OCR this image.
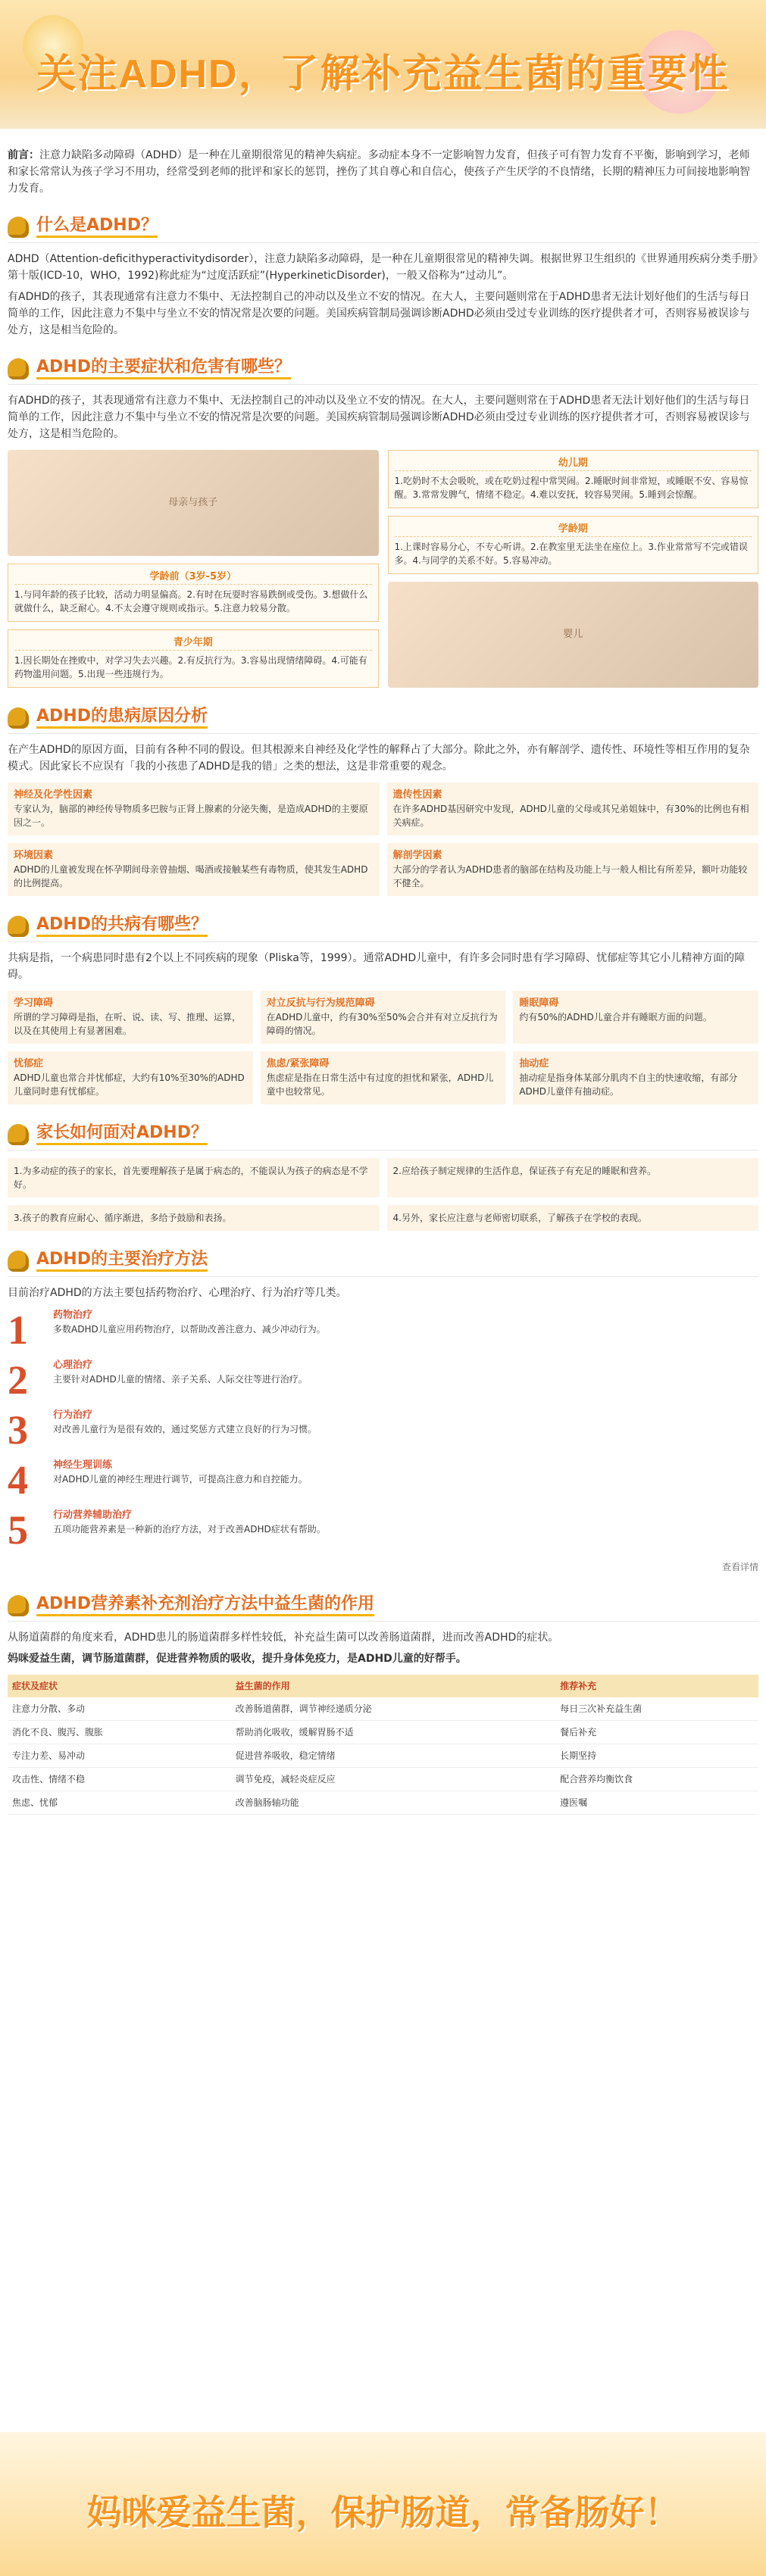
关注ADHD，了解补充益生菌的重要性

前言：注意力缺陷多动障碍（ADHD）是一种在儿童期很常见的精神失病症。多动症本身不一定影响智力发育，但孩子可有智力发育不平衡，影响到学习，老师和家长常常认为孩子学习不用功，经常受到老师的批评和家长的惩罚，挫伤了其自尊心和自信心，使孩子产生厌学的不良情绪，长期的精神压力可间接地影响智力发育。

什么是ADHD？

ADHD（Attention-deficithyperactivitydisorder），注意力缺陷多动障碍，是一种在儿童期很常见的精神失调。根据世界卫生组织的《世界通用疾病分类手册》第十版(ICD-10，WHO，1992)称此症为“过度活跃症”(HyperkineticDisorder)，一般又俗称为“过动儿”。

有ADHD的孩子，其表现通常有注意力不集中、无法控制自己的冲动以及坐立不安的情况。在大人，主要问题则常在于ADHD患者无法计划好他们的生活与每日简单的工作，因此注意力不集中与坐立不安的情况常是次要的问题。美国疾病管制局强调诊断ADHD必须由受过专业训练的医疗提供者才可，否则容易被误诊与处方，这是相当危险的。

ADHD的主要症状和危害有哪些？

有ADHD的孩子，其表现通常有注意力不集中、无法控制自己的冲动以及坐立不安的情况。在大人，主要问题则常在于ADHD患者无法计划好他们的生活与每日简单的工作，因此注意力不集中与坐立不安的情况常是次要的问题。美国疾病管制局强调诊断ADHD必须由受过专业训练的医疗提供者才可，否则容易被误诊与处方，这是相当危险的。

母亲与孩子
学龄前（3岁-5岁）
1.与同年龄的孩子比较，活动力明显偏高。2.有时在玩耍时容易跌倒或受伤。3.想做什么就做什么，缺乏耐心。4.不太会遵守规则或指示。5.注意力较易分散。
青少年期
1.因长期处在挫败中，对学习失去兴趣。2.有反抗行为。3.容易出现情绪障碍。4.可能有药物滥用问题。5.出现一些违规行为。
幼儿期
1.吃奶时不太会吸吮，或在吃奶过程中常哭闹。2.睡眠时间非常短，或睡眠不安、容易惊醒。3.常常发脾气，情绪不稳定。4.难以安抚，较容易哭闹。5.睡到会惊醒。
学龄期
1.上课时容易分心，不专心听讲。2.在教室里无法坐在座位上。3.作业常常写不完或错误多。4.与同学的关系不好。5.容易冲动。
婴儿
ADHD的患病原因分析

在产生ADHD的原因方面，目前有各种不同的假设。但其根源来自神经及化学性的解释占了大部分。除此之外，亦有解剖学、遗传性、环境性等相互作用的复杂模式。因此家长不应误有「我的小孩患了ADHD是我的错」之类的想法，这是非常重要的观念。

神经及化学性因素
专家认为，脑部的神经传导物质多巴胺与正肾上腺素的分泌失衡，是造成ADHD的主要原因之一。
遗传性因素
在许多ADHD基因研究中发现，ADHD儿童的父母或其兄弟姐妹中，有30%的比例也有相关病症。
环境因素
ADHD的儿童被发现在怀孕期间母亲曾抽烟、喝酒或接触某些有毒物质，使其发生ADHD的比例提高。
解剖学因素
大部分的学者认为ADHD患者的脑部在结构及功能上与一般人相比有所差异，额叶功能较不健全。
ADHD的共病有哪些？

共病是指，一个病患同时患有2个以上不同疾病的现象（Pliska等，1999）。通常ADHD儿童中，有许多会同时患有学习障碍、忧郁症等其它小儿精神方面的障碍。

学习障碍
所谓的学习障碍是指，在听、说、读、写、推理、运算，以及在其使用上有显著困难。
对立反抗与行为规范障碍
在ADHD儿童中，约有30%至50%会合并有对立反抗行为障碍的情况。
睡眠障碍
约有50%的ADHD儿童合并有睡眠方面的问题。
忧郁症
ADHD儿童也常合并忧郁症，大约有10%至30%的ADHD儿童同时患有忧郁症。
焦虑/紧张障碍
焦虑症是指在日常生活中有过度的担忧和紧张，ADHD儿童中也较常见。
抽动症
抽动症是指身体某部分肌肉不自主的快速收缩，有部分ADHD儿童伴有抽动症。
家长如何面对ADHD？
1.为多动症的孩子的家长，首先要理解孩子是属于病态的，不能误认为孩子的病态是不学好。
2.应给孩子制定规律的生活作息，保证孩子有充足的睡眠和营养。
3.孩子的教育应耐心、循序渐进，多给予鼓励和表扬。	4.另外，家长应注意与老师密切联系，了解孩子在学校的表现。
ADHD的主要治疗方法

目前治疗ADHD的方法主要包括药物治疗、心理治疗、行为治疗等几类。

1	药物治疗
多数ADHD儿童应用药物治疗，以帮助改善注意力、减少冲动行为。
2	心理治疗
主要针对ADHD儿童的情绪、亲子关系、人际交往等进行治疗。
3	行为治疗
对改善儿童行为是很有效的，通过奖惩方式建立良好的行为习惯。
4	神经生理训练
对ADHD儿童的神经生理进行调节，可提高注意力和自控能力。
5	行动营养辅助治疗
五项功能营养素是一种新的治疗方法，对于改善ADHD症状有帮助。
查看详情
ADHD营养素补充剂治疗方法中益生菌的作用

从肠道菌群的角度来看，ADHD患儿的肠道菌群多样性较低，补充益生菌可以改善肠道菌群，进而改善ADHD的症状。

妈咪爱益生菌，调节肠道菌群，促进营养物质的吸收，提升身体免疫力，是ADHD儿童的好帮手。

症状及症状	益生菌的作用	推荐补充
注意力分散、多动	改善肠道菌群，调节神经递质分泌	每日三次补充益生菌
消化不良、腹泻、腹胀	帮助消化吸收，缓解胃肠不适	餐后补充
专注力差、易冲动	促进营养吸收，稳定情绪	长期坚持
攻击性、情绪不稳	调节免疫，减轻炎症反应	配合营养均衡饮食
焦虑、忧郁	改善脑肠轴功能	遵医嘱
妈咪爱益生菌，保护肠道，常备肠好！
